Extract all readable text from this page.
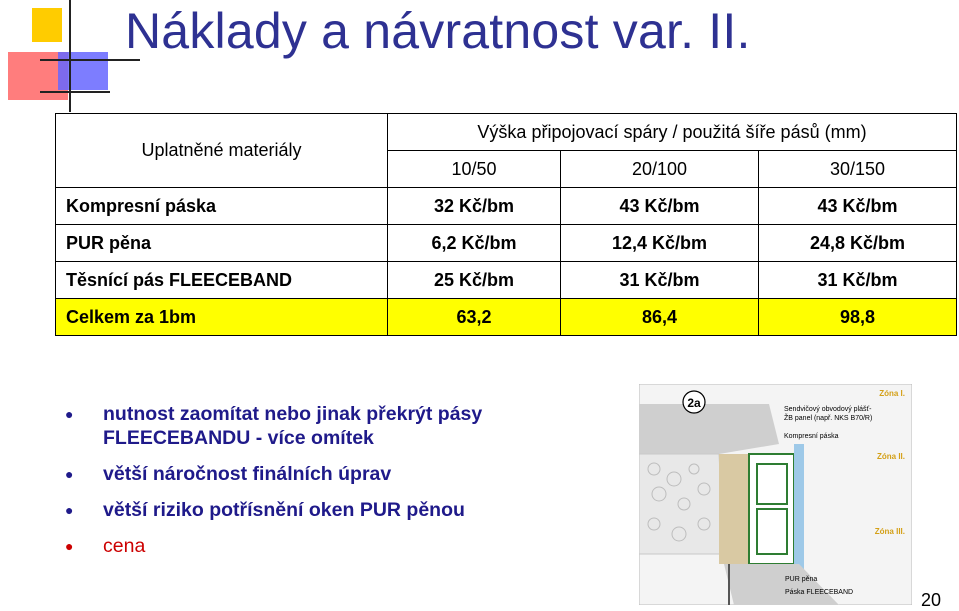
Náklady a návratnost var. II.
Uplatněné materiály	Výška připojovací spáry / použitá šíře pásů (mm)		
	10/50	20/100	30/150
Kompresní páska	32 Kč/bm	43 Kč/bm	43 Kč/bm
PUR pěna	6,2 Kč/bm	12,4 Kč/bm	24,8 Kč/bm
Těsnící pás FLEECEBAND	25 Kč/bm	31 Kč/bm	31 Kč/bm
Celkem za 1bm	63,2	86,4	98,8
● nutnost zaomítat nebo jinak překrýt pásy FLEECEBANDU - více omítek
● větší náročnost finálních úprav
● větší riziko potřísnění oken PUR pěnou
● cena
2a
Zóna I.
Zóna II.
Zóna III.
Sendvičový obvodový plášť-
ŽB panel (např. NKS B70/R)
Kompresní páska
PUR pěna
Páska FLEECEBAND	20
